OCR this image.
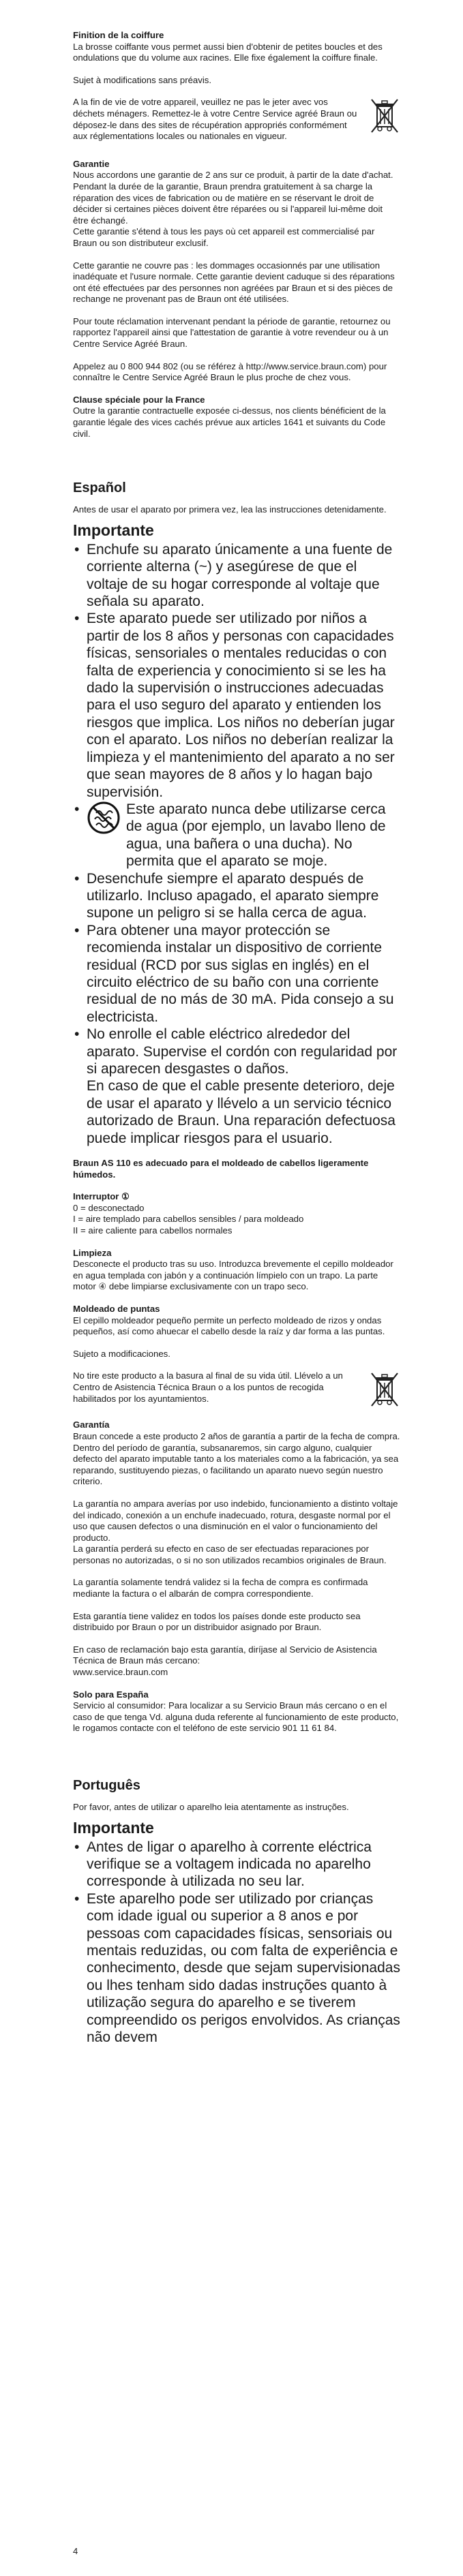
Finition de la coiffure

La brosse coiffante vous permet aussi bien d'obtenir de petites boucles et des ondulations que du volume aux racines. Elle fixe également la coiffure finale.

Sujet à modifications sans préavis.

A la fin de vie de votre appareil, veuillez ne pas le jeter avec vos déchets ménagers. Remettez-le à votre Centre Service agréé Braun ou déposez-le dans des sites de récupération appropriés conformément aux réglementations locales ou nationales en vigueur.

Garantie

Nous accordons une garantie de 2 ans sur ce produit, à partir de la date d'achat.
Pendant la durée de la garantie, Braun prendra gratuitement à sa charge la réparation des vices de fabrication ou de matière en se réservant le droit de décider si certaines pièces doivent être réparées ou si l'appareil lui-même doit être échangé.
Cette garantie s'étend à tous les pays où cet appareil est commercialisé par Braun ou son distributeur exclusif.

Cette garantie ne couvre pas : les dommages occasionnés par une utilisation inadéquate et l'usure normale. Cette garantie devient caduque si des réparations ont été effectuées par des personnes non agréées par Braun et si des pièces de rechange ne provenant pas de Braun ont été utilisées.

Pour toute réclamation intervenant pendant la période de garantie, retournez ou rapportez l'appareil ainsi que l'attestation de garantie à votre revendeur ou à un Centre Service Agréé Braun.

Appelez au 0 800 944 802 (ou se référez à http://www.service.braun.com) pour connaître le Centre Service Agréé Braun le plus proche de chez vous.

Clause spéciale pour la France

Outre la garantie contractuelle exposée ci-dessus, nos clients bénéficient de la garantie légale des vices cachés prévue aux articles 1641 et suivants du Code civil.

Español

Antes de usar el aparato por primera vez, lea las instrucciones detenidamente.

Importante

• Enchufe su aparato únicamente a una fuente de corriente alterna (~) y asegúrese de que el voltaje de su hogar corresponde al voltaje que señala su aparato.
• Este aparato puede ser utilizado por niños a partir de los 8 años y personas con capacidades físicas, sensoriales o mentales reducidas o con falta de experiencia y conocimiento si se les ha dado la supervisión o instrucciones adecuadas para el uso seguro del aparato y entienden los riesgos que implica. Los niños no deberían jugar con el aparato. Los niños no deberían realizar la limpieza y el mantenimiento del aparato a no ser que sean mayores de 8 años y lo hagan bajo supervisión.
• Este aparato nunca debe utilizarse cerca de agua (por ejemplo, un lavabo lleno de agua, una bañera o una ducha). No permita que el aparato se moje.
• Desenchufe siempre el aparato después de utilizarlo. Incluso apagado, el aparato siempre supone un peligro si se halla cerca de agua.
• Para obtener una mayor protección se recomienda instalar un dispositivo de corriente residual (RCD por sus siglas en inglés) en el circuito eléctrico de su baño con una corriente residual de no más de 30 mA. Pida consejo a su electricista.
• No enrolle el cable eléctrico alrededor del aparato. Supervise el cordón con regularidad por si aparecen desgastes o daños.
En caso de que el cable presente deterioro, deje de usar el aparato y llévelo a un servicio técnico autorizado de Braun. Una reparación defectuosa puede implicar riesgos para el usuario.

Braun AS 110 es adecuado para el moldeado de cabellos ligeramente húmedos.

Interruptor ①

0 = desconectado

I = aire templado para cabellos sensibles / para moldeado

II = aire caliente para cabellos normales

Limpieza

Desconecte el producto tras su uso. Introduzca brevemente el cepillo moldeador en agua templada con jabón y a continuación límpielo con un trapo. La parte motor ④ debe limpiarse exclusivamente con un trapo seco.

Moldeado de puntas

El cepillo moldeador pequeño permite un perfecto moldeado de rizos y ondas pequeños, así como ahuecar el cabello desde la raíz y dar forma a las puntas.

Sujeto a modificaciones.

No tire este producto a la basura al final de su vida útil. Llévelo a un Centro de Asistencia Técnica Braun o a los puntos de recogida habilitados por los ayuntamientos.

Garantía

Braun concede a este producto 2 años de garantía a partir de la fecha de compra.
Dentro del período de garantía, subsanaremos, sin cargo alguno, cualquier defecto del aparato imputable tanto a los materiales como a la fabricación, ya sea reparando, sustituyendo piezas, o facilitando un aparato nuevo según nuestro criterio.

La garantía no ampara averías por uso indebido, funcionamiento a distinto voltaje del indicado, conexión a un enchufe inadecuado, rotura, desgaste normal por el uso que causen defectos o una disminución en el valor o funcionamiento del producto.
La garantía perderá su efecto en caso de ser efectuadas reparaciones por personas no autorizadas, o si no son utilizados recambios originales de Braun.

La garantía solamente tendrá validez si la fecha de compra es confirmada mediante la factura o el albarán de compra correspondiente.

Esta garantía tiene validez en todos los países donde este producto sea distribuido por Braun o por un distribuidor asignado por Braun.

En caso de reclamación bajo esta garantía, diríjase al Servicio de Asistencia Técnica de Braun más cercano:
www.service.braun.com

Solo para España

Servicio al consumidor: Para localizar a su Servicio Braun más cercano o en el caso de que tenga Vd. alguna duda referente al funcionamiento de este producto, le rogamos contacte con el teléfono de este servicio 901 11 61 84.

Português

Por favor, antes de utilizar o aparelho leia atentamente as instruções.

Importante

• Antes de ligar o aparelho à corrente eléctrica verifique se a voltagem indicada no aparelho corresponde à utilizada no seu lar.
• Este aparelho pode ser utilizado por crianças com idade igual ou superior a 8 anos e por pessoas com capacidades físicas, sensoriais ou mentais reduzidas, ou com falta de experiência e conhecimento, desde que sejam supervisionadas ou lhes tenham sido dadas instruções quanto à utilização segura do aparelho e se tiverem compreendido os perigos envolvidos. As crianças não devem
4
